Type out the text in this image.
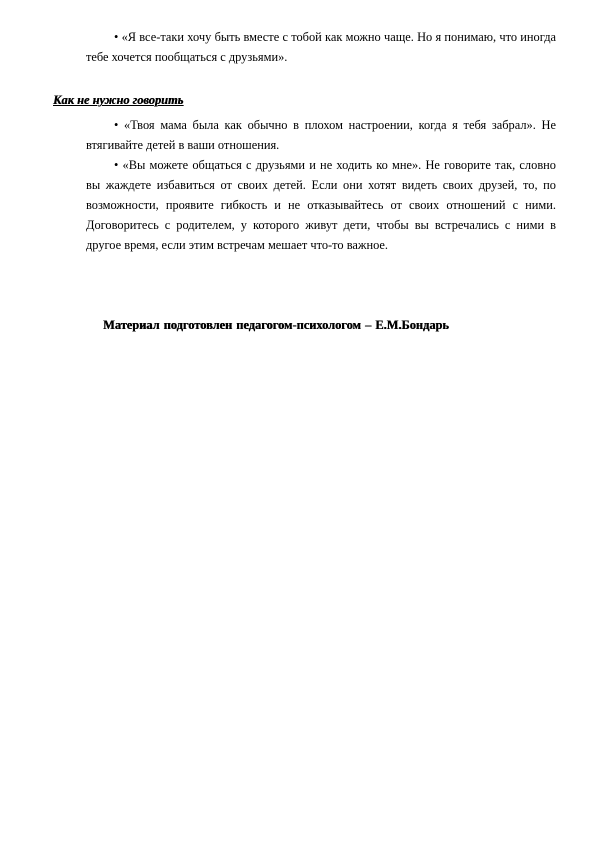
• «Я все-таки хочу быть вместе с тобой как можно чаще. Но я понимаю, что иногда тебе хочется пообщаться с друзьями».

Как не нужно говорить

• «Твоя мама была как обычно в плохом настроении, когда я тебя забрал». Не втягивайте детей в ваши отношения.

• «Вы можете общаться с друзьями и не ходить ко мне». Не говорите так, словно вы жаждете избавиться от своих детей. Если они хотят видеть своих друзей, то, по возможности, проявите гибкость и не отказывайтесь от своих отношений с ними. Договоритесь с родителем, у которого живут дети, чтобы вы встречались с ними в другое время, если этим встречам мешает что-то важное.

Материал подготовлен педагогом-психологом – Е.М.Бондарь
